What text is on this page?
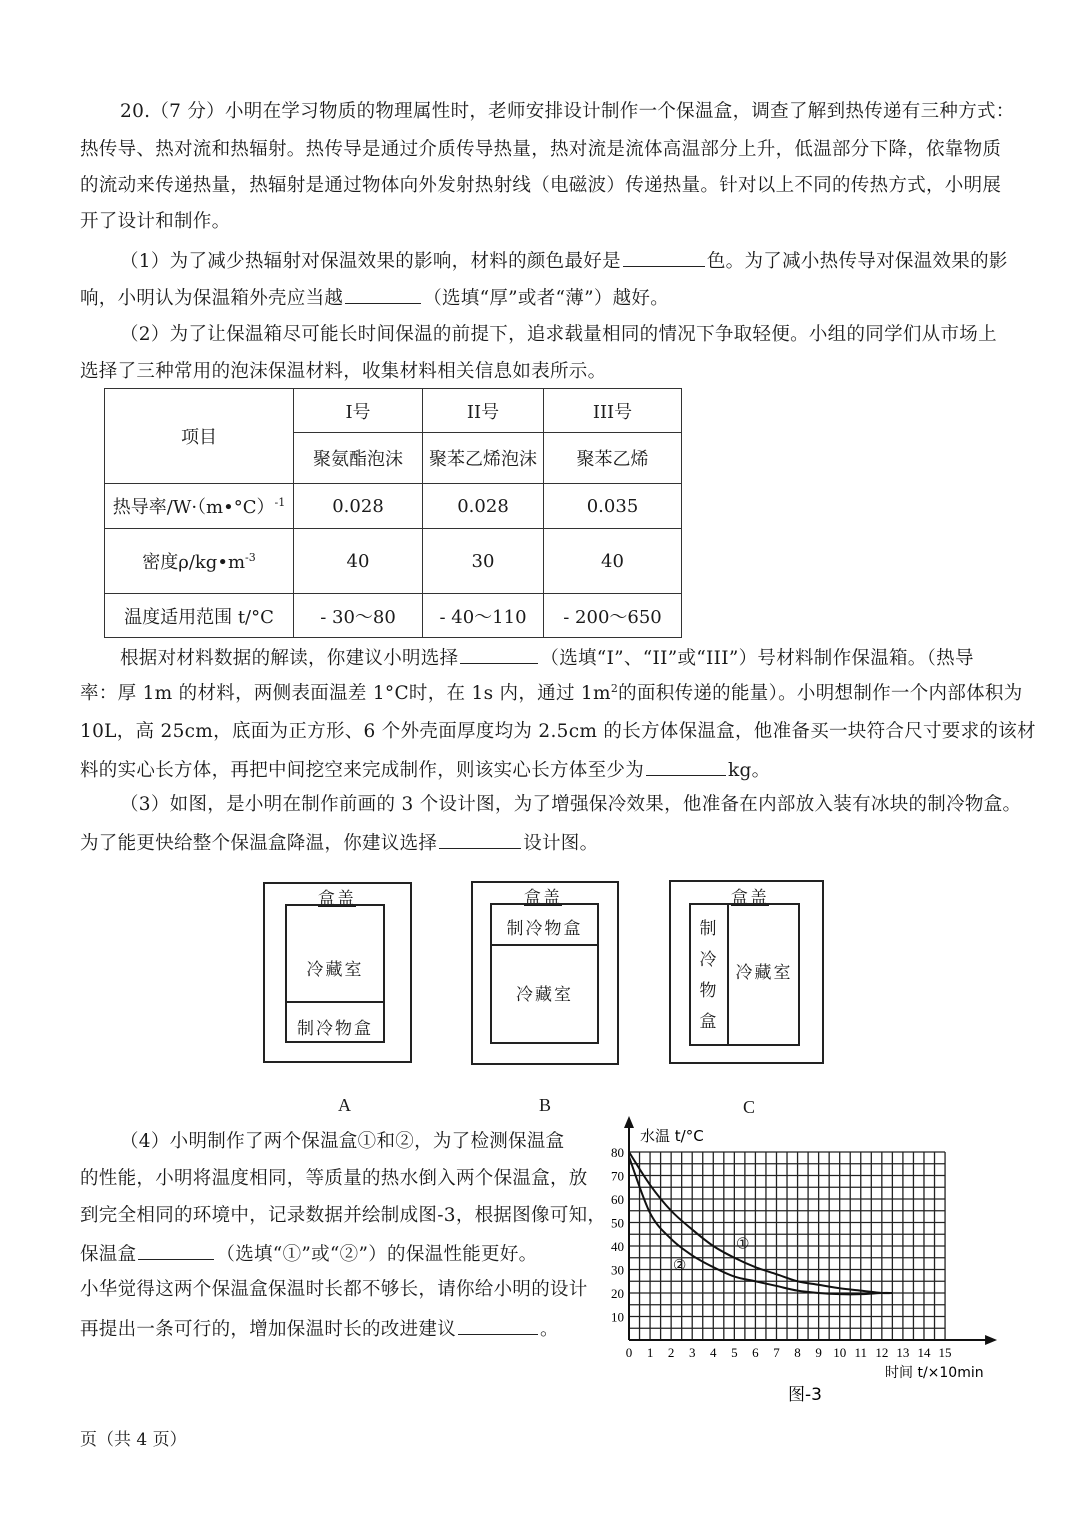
20.（7 分）小明在学习物质的物理属性时，老师安排设计制作一个保温盒，调查了解到热传递有三种方式：
热传导、热对流和热辐射。热传导是通过介质传导热量，热对流是流体高温部分上升，低温部分下降，依靠物质
的流动来传递热量，热辐射是通过物体向外发射热射线（电磁波）传递热量。针对以上不同的传热方式，小明展
开了设计和制作。
（1）为了减少热辐射对保温效果的影响，材料的颜色最好是	色。为了减小热传导对保温效果的影
响，小明认为保温箱外壳应当越	（选填“厚”或者“薄”）越好。
（2）为了让保温箱尽可能长时间保温的前提下，追求载量相同的情况下争取轻便。小组的同学们从市场上
选择了三种常用的泡沫保温材料，收集材料相关信息如表所示。
项目	I号	II号	III号
	聚氨酯泡沫	聚苯乙烯泡沫	聚苯乙烯
热导率/W·（m•°C）$^{-1}$	0.028	0.028	0.035
密度$\rho/kg•m^{-3}$	40	30	40
温度适用范围 t/°C	- 30～80	- 40～110	- 200～650
根据对材料数据的解读，你建议小明选择	（选填“I”、“II”或“III”）号材料制作保温箱。（热导
率：厚 1m 的材料，两侧表面温差 1°C时，在 1s 内，通过 $1m^2$的面积传递的能量）。小明想制作一个内部体积为
10L，高 25cm，底面为正方形、6 个外壳面厚度均为 2.5cm 的长方体保温盒，他准备买一块符合尺寸要求的该材
料的实心长方体，再把中间挖空来完成制作，则该实心长方体至少为	kg。
（3）如图，是小明在制作前画的 3 个设计图，为了增强保冷效果，他准备在内部放入装有冰块的制冷物盒。
为了能更快给整个保温盒降温，你建议选择	设计图。
盒盖
冷藏室
制冷物盒
A
盒盖
制冷物盒
冷藏室
B
盒盖
制
冷
物
盒
冷藏室
C
（4）小明制作了两个保温盒①和②，为了检测保温盒
的性能，小明将温度相同，等质量的热水倒入两个保温盒，放
到完全相同的环境中，记录数据并绘制成图-3，根据图像可知，
保温盒	（选填“①”或“②”）的保温性能更好。
小华觉得这两个保温盒保温时长都不够长，请你给小明的设计
再提出一条可行的，增加保温时长的改进建议	。
0 1 2 3 4 5 6 7 8 9 10 11 12 13 14 15
10
20
30
40
50
60
70
80
水温 t/°C
时间 t/×10min
图-3
①
②
页（共 4 页）
